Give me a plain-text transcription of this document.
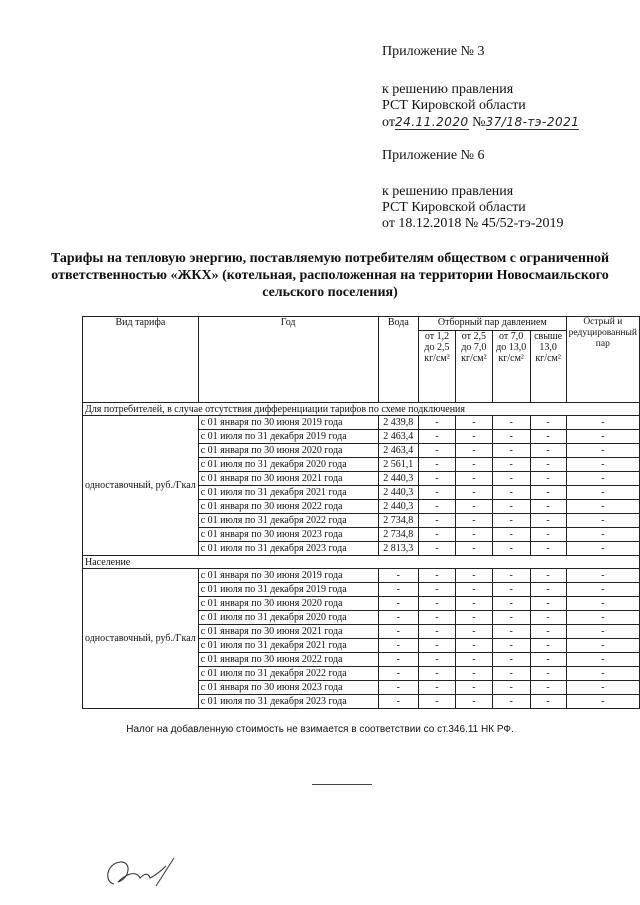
Приложение № 3
к решению правления
РСТ Кировской области
от24.11.2020 №37/18-тэ-2021
Приложение № 6
к решению правления
РСТ Кировской области
от 18.12.2018 № 45/52-тэ-2019
Тарифы на тепловую энергию, поставляемую потребителям обществом с ограниченной ответственностью «ЖКХ» (котельная, расположенная на территории Новосмаильского сельского поселения)
Вид тарифа	Год	Вода	Отборный пар давлением				Острый и редуцированный пар
			от 1,2 до 2,5 кг/см²	от 2,5 до 7,0 кг/см²	от 7,0 до 13,0 кг/см²	свыше 13,0 кг/см²	
Для потребителей, в случае отсутствия дифференциации тарифов по схеме подключения							
одноставочный, руб./Гкал	с 01 января по 30 июня 2019 года	2 439,8	-	-	-	-	-
	с 01 июля по 31 декабря 2019 года	2 463,4	-	-	-	-	-
	с 01 января по 30 июня 2020 года	2 463,4	-	-	-	-	-
	с 01 июля по 31 декабря 2020 года	2 561,1	-	-	-	-	-
	с 01 января по 30 июня 2021 года	2 440,3	-	-	-	-	-
	с 01 июля по 31 декабря 2021 года	2 440,3	-	-	-	-	-
	с 01 января по 30 июня 2022 года	2 440,3	-	-	-	-	-
	с 01 июля по 31 декабря 2022 года	2 734,8	-	-	-	-	-
	с 01 января по 30 июня 2023 года	2 734,8	-	-	-	-	-
	с 01 июля по 31 декабря 2023 года	2 813,3	-	-	-	-	-
Население							
одноставочный, руб./Гкал	с 01 января по 30 июня 2019 года	-	-	-	-	-	-
	с 01 июля по 31 декабря 2019 года	-	-	-	-	-	-
	с 01 января по 30 июня 2020 года	-	-	-	-	-	-
	с 01 июля по 31 декабря 2020 года	-	-	-	-	-	-
	с 01 января по 30 июня 2021 года	-	-	-	-	-	-
	с 01 июля по 31 декабря 2021 года	-	-	-	-	-	-
	с 01 января по 30 июня 2022 года	-	-	-	-	-	-
	с 01 июля по 31 декабря 2022 года	-	-	-	-	-	-
	с 01 января по 30 июня 2023 года	-	-	-	-	-	-
	с 01 июля по 31 декабря 2023 года	-	-	-	-	-	-
Налог на добавленную стоимость не взимается в соответствии со ст.346.11 НК РФ.
